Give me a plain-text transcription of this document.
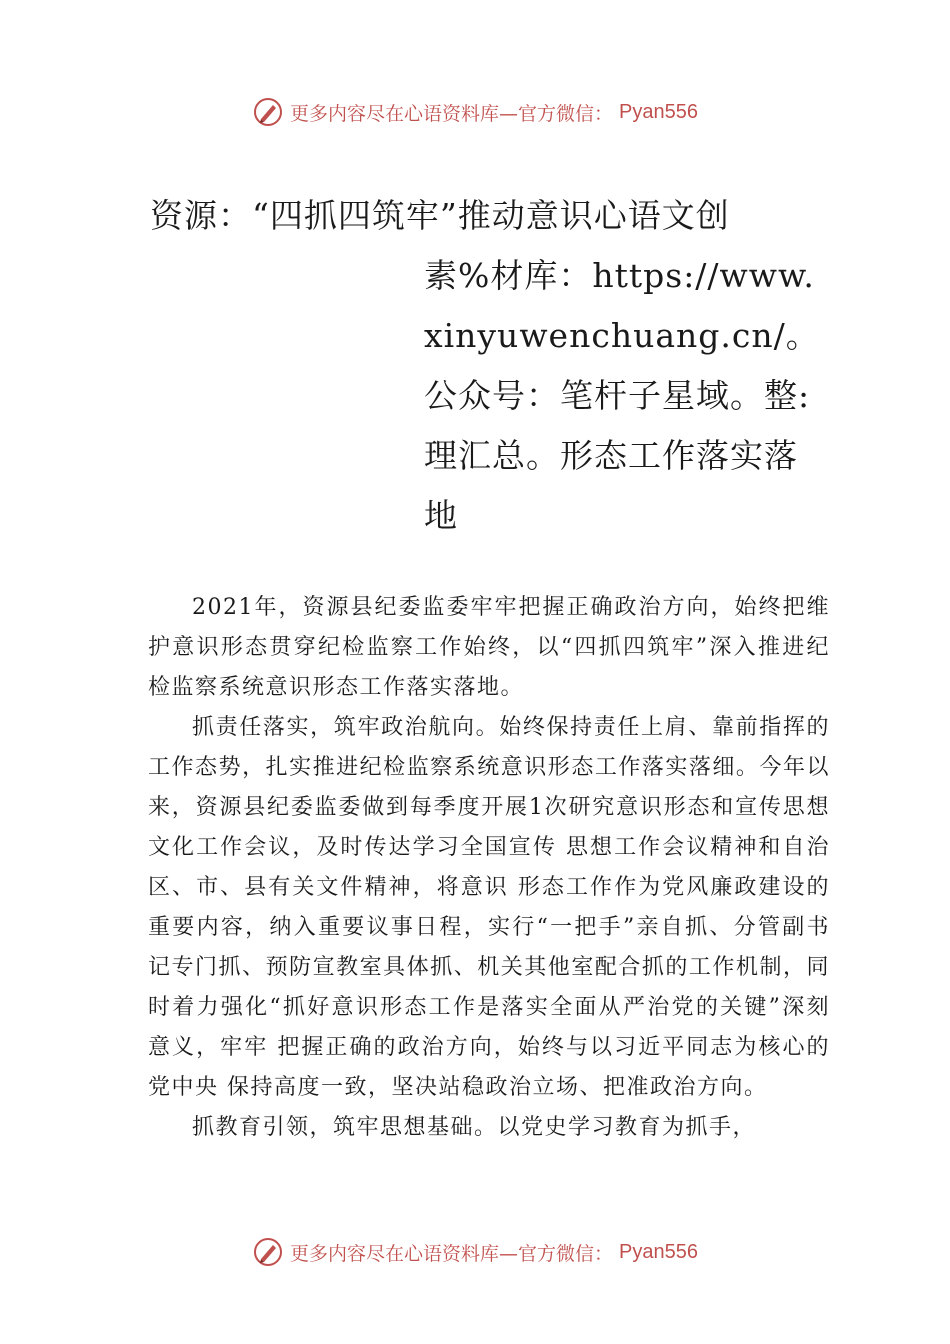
更多内容尽在心语资料库—官方微信： Pyan556
资源：“四抓四筑牢”推动意识心语文创
素%材库：https://www.xinyuwenchuang.cn/。公众号：笔杆子星域。整:理汇总。形态工作落实落地

2021年，资源县纪委监委牢牢把握正确政治方向，始终把维护意识形态贯穿纪检监察工作始终，以“四抓四筑牢”深入推进纪检监察系统意识形态工作落实落地。

抓责任落实，筑牢政治航向。始终保持责任上肩、靠前指挥的工作态势，扎实推进纪检监察系统意识形态工作落实落细。今年以来，资源县纪委监委做到每季度开展1次研究意识形态和宣传思想文化工作会议，及时传达学习全国宣传 思想工作会议精神和自治区、市、县有关文件精神，将意识 形态工作作为党风廉政建设的重要内容，纳入重要议事日程，实行“一把手”亲自抓、分管副书记专门抓、预防宣教室具体抓、机关其他室配合抓的工作机制，同时着力强化“抓好意识形态工作是落实全面从严治党的关键”深刻意义，牢牢 把握正确的政治方向，始终与以习近平同志为核心的党中央 保持高度一致，坚决站稳政治立场、把准政治方向。

抓教育引领，筑牢思想基础。以党史学习教育为抓手，

更多内容尽在心语资料库—官方微信： Pyan556
